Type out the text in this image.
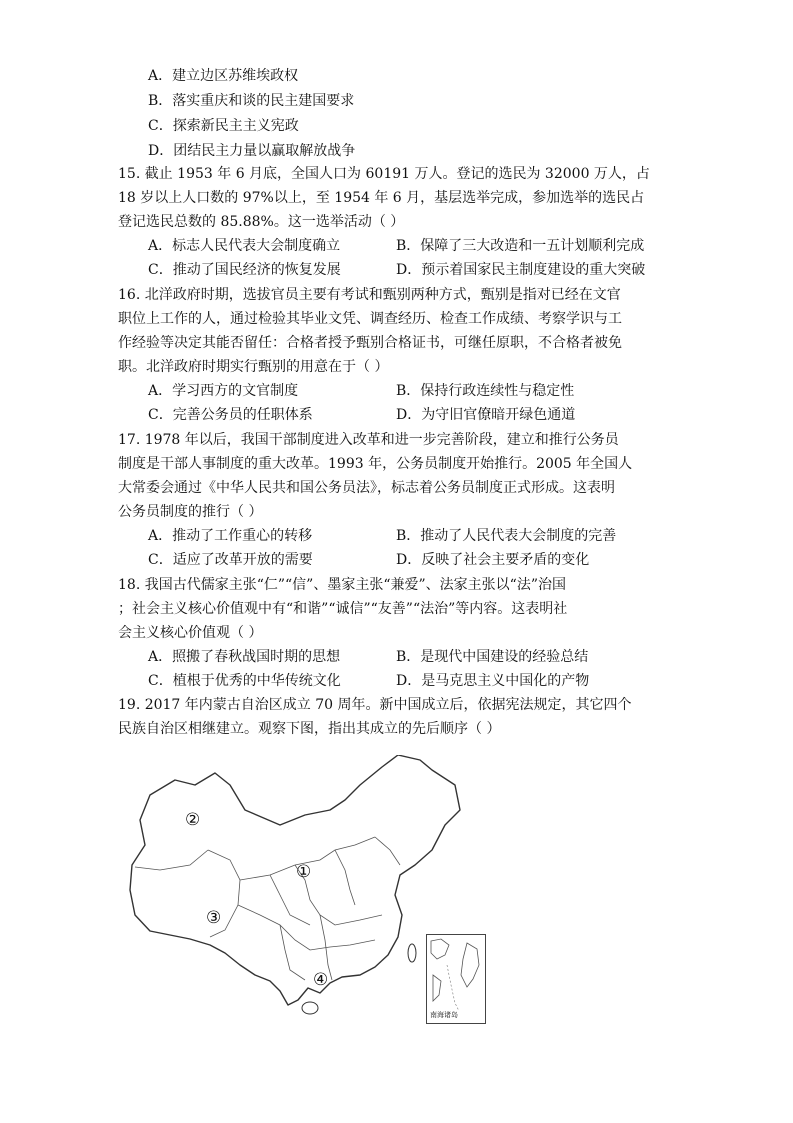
A．建立边区苏维埃政权
B．落实重庆和谈的民主建国要求
C．探索新民主主义宪政
D．团结民主力量以赢取解放战争
15. 截止 1953 年 6 月底，全国人口为 60191 万人。登记的选民为 32000 万人，占
18 岁以上人口数的 97%以上，至 1954 年 6 月，基层选举完成，参加选举的选民占
登记选民总数的 85.88%。这一选举活动（ ）
A．标志人民代表大会制度确立	B．保障了三大改造和一五计划顺利完成
C．推动了国民经济的恢复发展	D．预示着国家民主制度建设的重大突破
16. 北洋政府时期，选拔官员主要有考试和甄别两种方式，甄别是指对已经在文官
职位上工作的人，通过检验其毕业文凭、调查经历、检查工作成绩、考察学识与工
作经验等决定其能否留任：合格者授予甄别合格证书，可继任原职，不合格者被免
职。北洋政府时期实行甄别的用意在于（ ）
A．学习西方的文官制度	B．保持行政连续性与稳定性
C．完善公务员的任职体系	D．为守旧官僚暗开绿色通道
17. 1978 年以后，我国干部制度进入改革和进一步完善阶段，建立和推行公务员
制度是干部人事制度的重大改革。1993 年，公务员制度开始推行。2005 年全国人
大常委会通过《中华人民共和国公务员法》，标志着公务员制度正式形成。这表明
公务员制度的推行（ ）
A．推动了工作重心的转移	B．推动了人民代表大会制度的完善
C．适应了改革开放的需要	D．反映了社会主要矛盾的变化
18. 我国古代儒家主张“仁”“信”、墨家主张“兼爱”、法家主张以“法”治国
；社会主义核心价值观中有“和谐”“诚信”“友善”“法治”等内容。这表明社
会主义核心价值观（ ）
A．照搬了春秋战国时期的思想	B．是现代中国建设的经验总结
C．植根于优秀的中华传统文化	D．是马克思主义中国化的产物
19. 2017 年内蒙古自治区成立 70 周年。新中国成立后，依据宪法规定，其它四个
民族自治区相继建立。观察下图，指出其成立的先后顺序（ ）
②
①
③
④
南海诸岛
